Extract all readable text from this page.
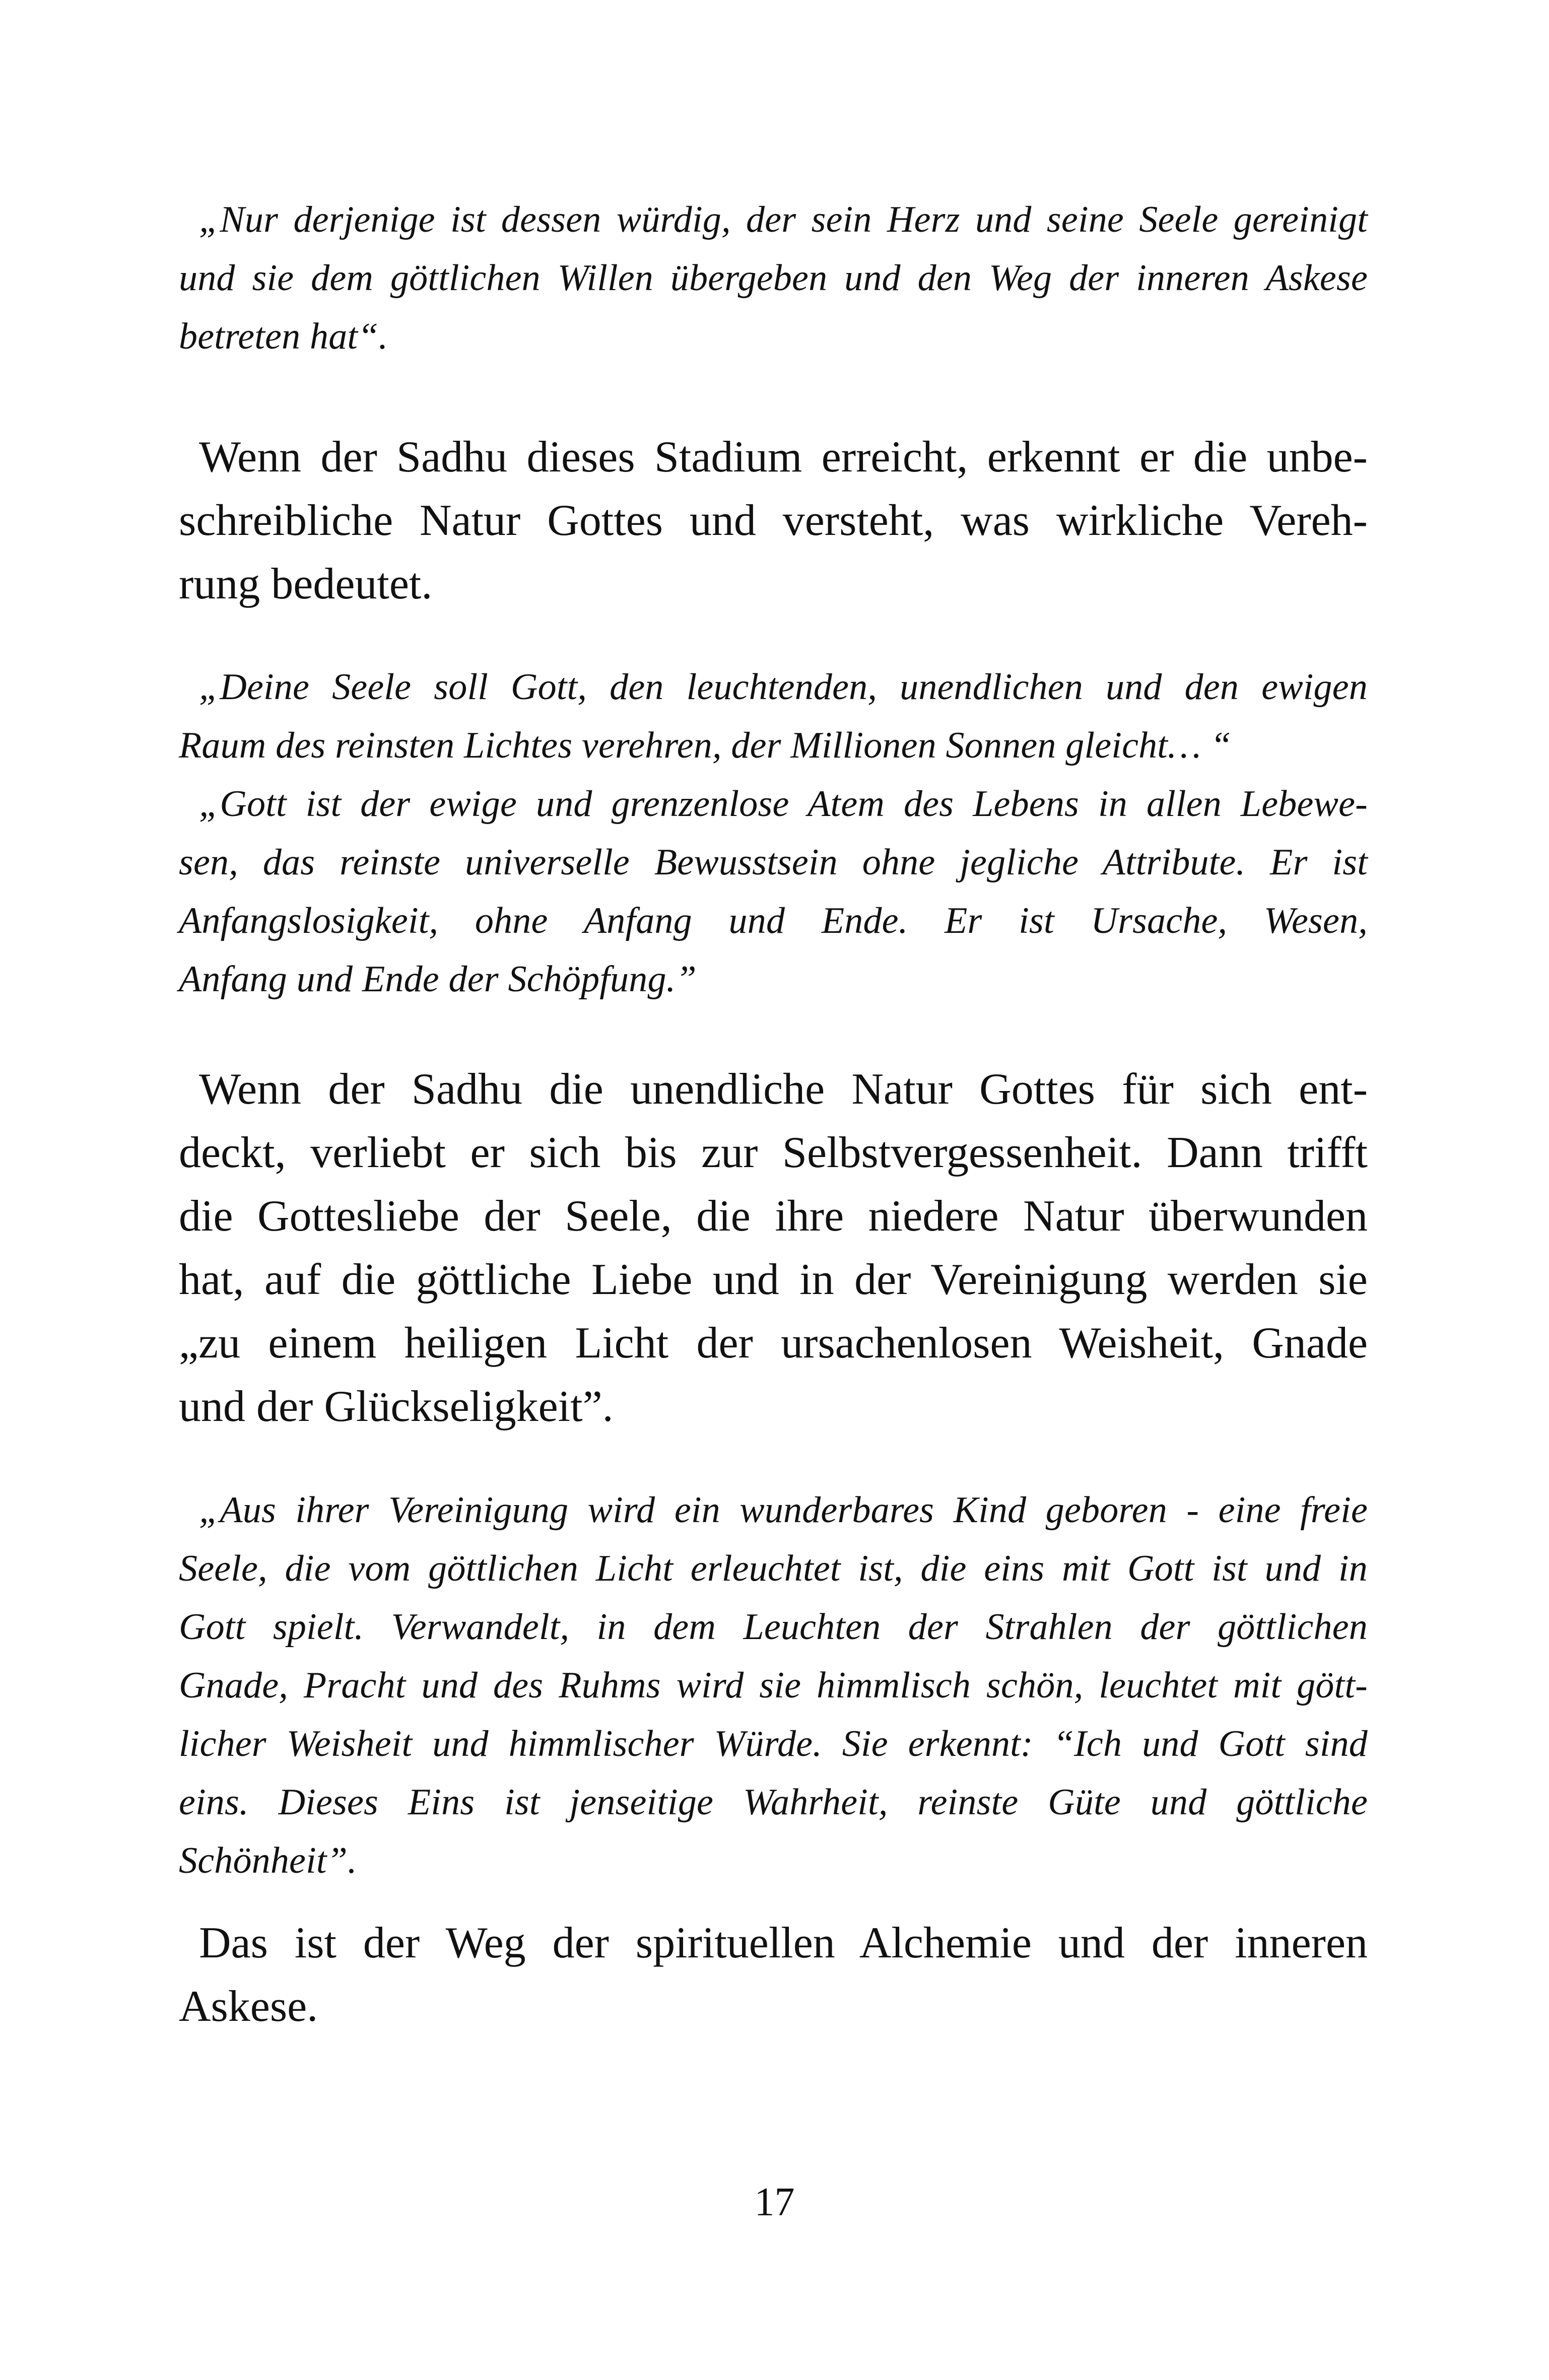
„Nur derjenige ist dessen würdig, der sein Herz und seine Seele gereinigt
und sie dem göttlichen Willen übergeben und den Weg der inneren Askese
betreten hat“.
Wenn der Sadhu dieses Stadium erreicht, erkennt er die unbe-
schreibliche Natur Gottes und versteht, was wirkliche Vereh-
rung bedeutet.
„Deine Seele soll Gott, den leuchtenden, unendlichen und den ewigen
Raum des reinsten Lichtes verehren, der Millionen Sonnen gleicht… “
„Gott ist der ewige und grenzenlose Atem des Lebens in allen Lebewe-
sen, das reinste universelle Bewusstsein ohne jegliche Attribute. Er ist
Anfangslosigkeit, ohne Anfang und Ende. Er ist Ursache, Wesen,
Anfang und Ende der Schöpfung.”
Wenn der Sadhu die unendliche Natur Gottes für sich ent-
deckt, verliebt er sich bis zur Selbstvergessenheit. Dann trifft
die Gottesliebe der Seele, die ihre niedere Natur überwunden
hat, auf die göttliche Liebe und in der Vereinigung werden sie
„zu einem heiligen Licht der ursachenlosen Weisheit, Gnade
und der Glückseligkeit”.
„Aus ihrer Vereinigung wird ein wunderbares Kind geboren - eine freie
Seele, die vom göttlichen Licht erleuchtet ist, die eins mit Gott ist und in
Gott spielt. Verwandelt, in dem Leuchten der Strahlen der göttlichen
Gnade, Pracht und des Ruhms wird sie himmlisch schön, leuchtet mit gött-
licher Weisheit und himmlischer Würde. Sie erkennt: “Ich und Gott sind
eins. Dieses Eins ist jenseitige Wahrheit, reinste Güte und göttliche
Schönheit”.
Das ist der Weg der spirituellen Alchemie und der inneren
Askese.

17
